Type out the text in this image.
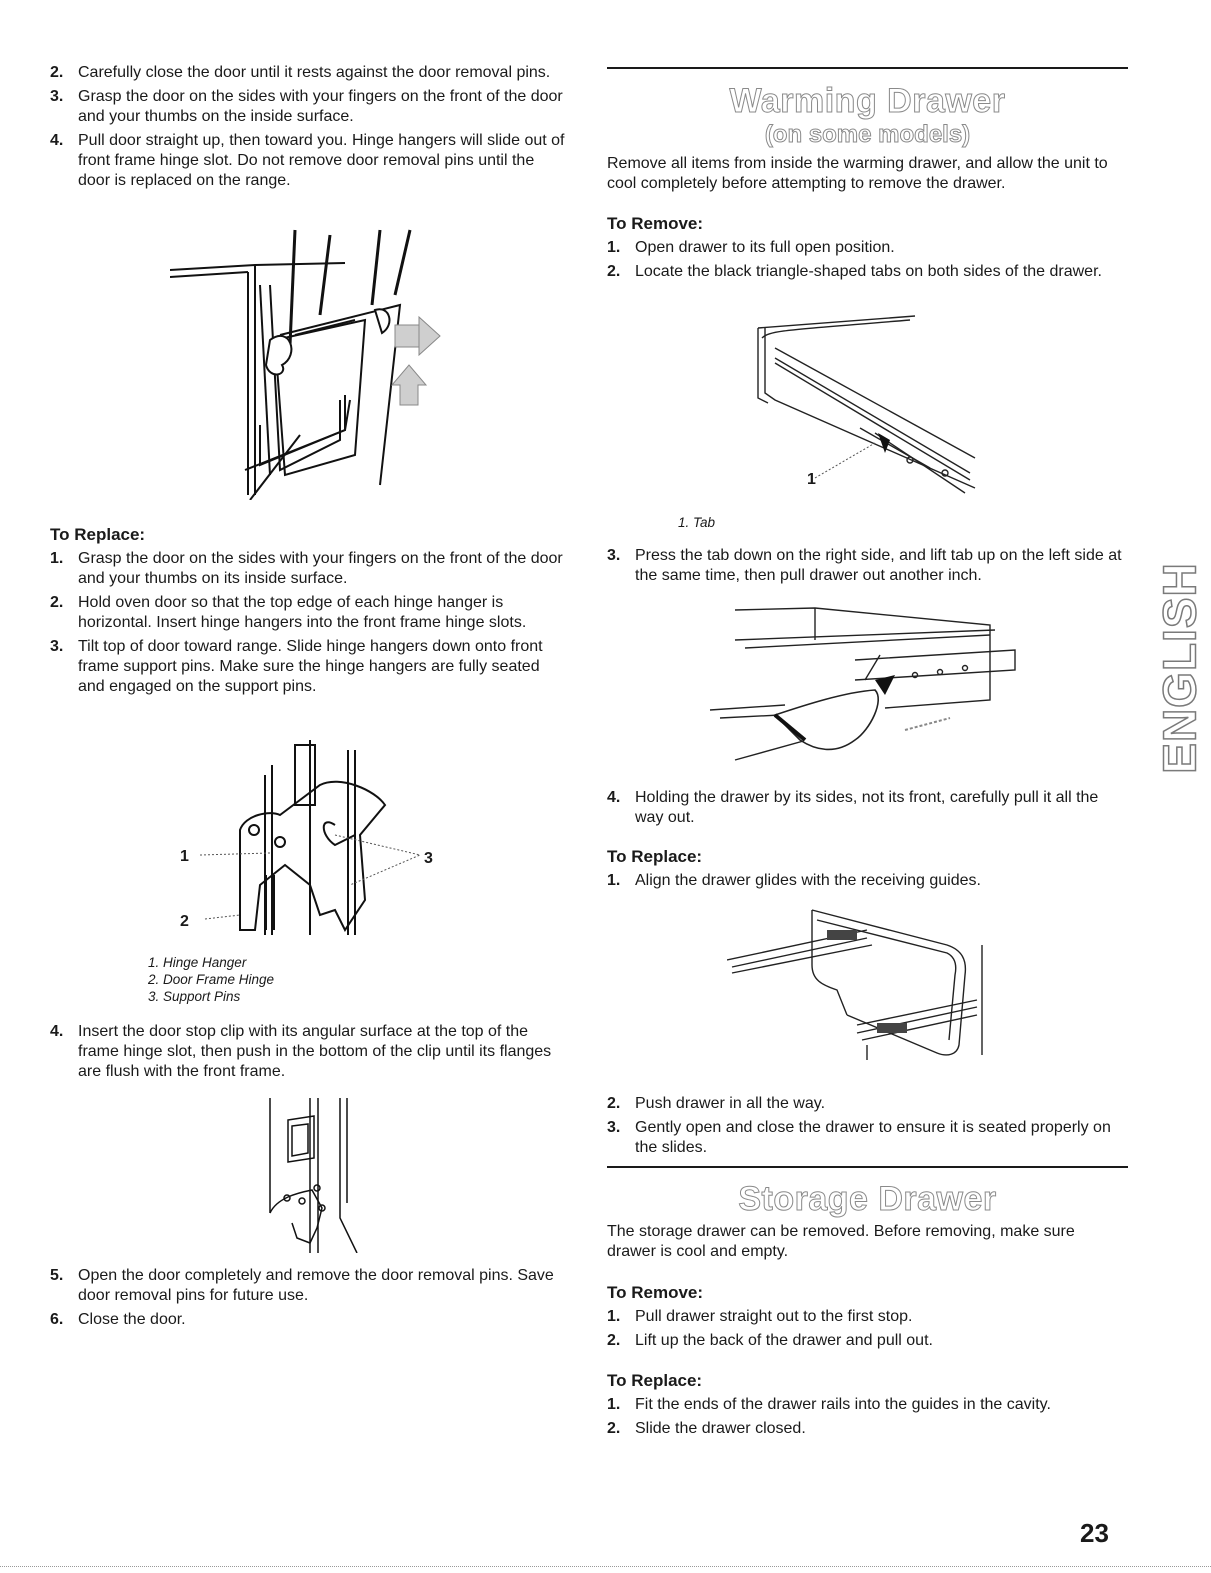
2. Carefully close the door until it rests against the door removal pins.
3. Grasp the door on the sides with your fingers on the front of the door and your thumbs on the inside surface.
4. Pull door straight up, then toward you. Hinge hangers will slide out of front frame hinge slot. Do not remove door removal pins until the door is replaced on the range.
To Replace:
1. Grasp the door on the sides with your fingers on the front of the door and your thumbs on its inside surface.
2. Hold oven door so that the top edge of each hinge hanger is horizontal. Insert hinge hangers into the front frame hinge slots.
3. Tilt top of door toward range. Slide hinge hangers down onto front frame support pins. Make sure the hinge hangers are fully seated and engaged on the support pins.
1
2
3
1. Hinge Hanger
2. Door Frame Hinge
3. Support Pins
4. Insert the door stop clip with its angular surface at the top of the frame hinge slot, then push in the bottom of the clip until its flanges are flush with the front frame.
5. Open the door completely and remove the door removal pins. Save door removal pins for future use.
6. Close the door.
Warming Drawer
(on some models)
Remove all items from inside the warming drawer, and allow the unit to cool completely before attempting to remove the drawer.
To Remove:
1. Open drawer to its full open position.
2. Locate the black triangle-shaped tabs on both sides of the drawer.
1
1. Tab
3. Press the tab down on the right side, and lift tab up on the left side at the same time, then pull drawer out another inch.
4. Holding the drawer by its sides, not its front, carefully pull it all the way out.
To Replace:
1. Align the drawer glides with the receiving guides.
2. Push drawer in all the way.
3. Gently open and close the drawer to ensure it is seated properly on the slides.
Storage Drawer
The storage drawer can be removed. Before removing, make sure drawer is cool and empty.
To Remove:
1. Pull drawer straight out to the first stop.
2. Lift up the back of the drawer and pull out.
To Replace:
1. Fit the ends of the drawer rails into the guides in the cavity.
2. Slide the drawer closed.
ENGLISH
23
